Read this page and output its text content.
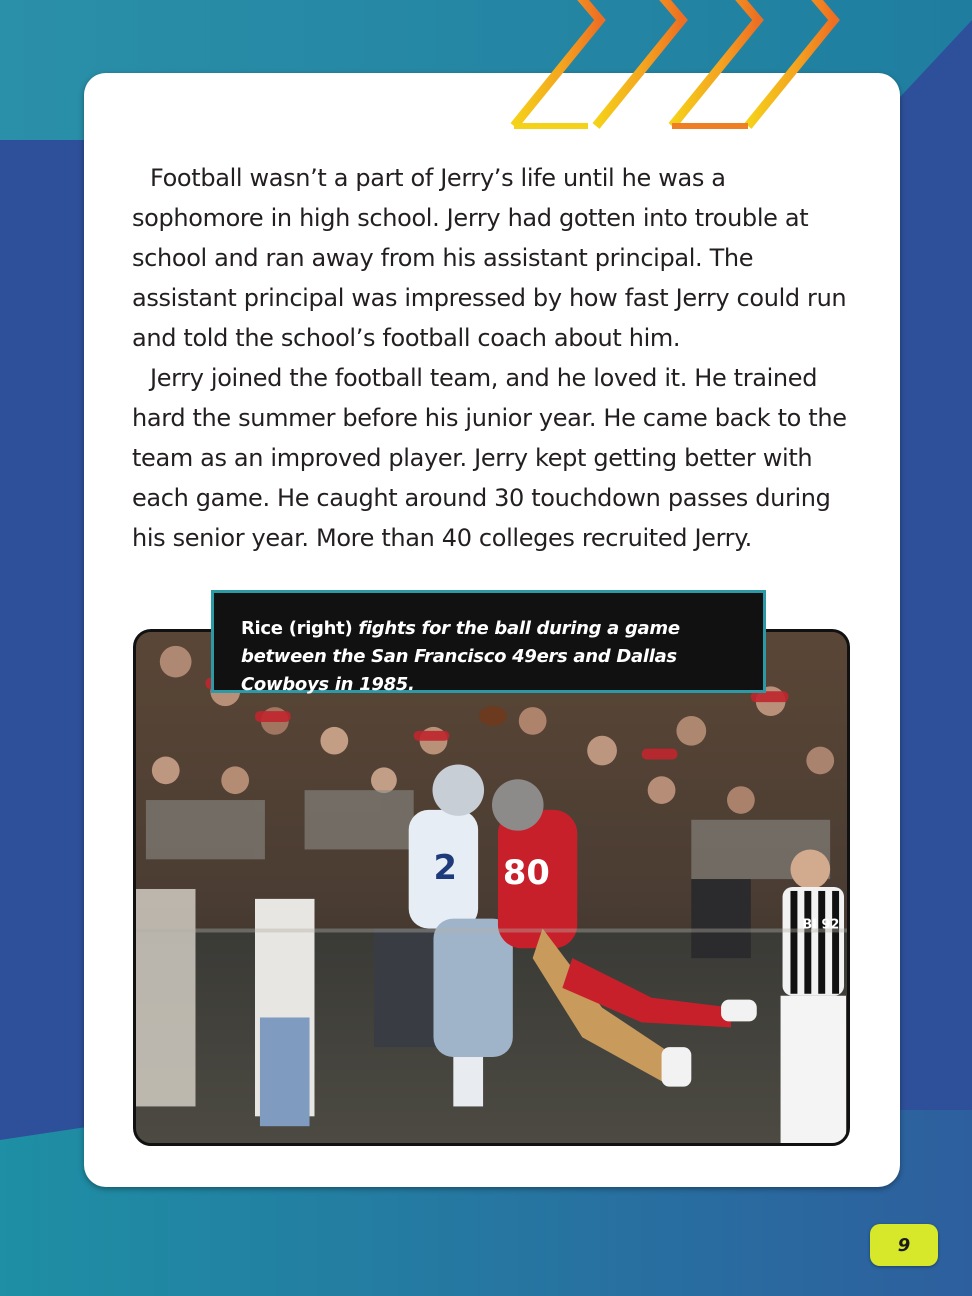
Football wasn’t a part of Jerry’s life until he was a sophomore in high school. Jerry had gotten into trouble at school and ran away from his assistant principal. The assistant principal was impressed by how fast Jerry could run and told the school’s football coach about him.

Jerry joined the football team, and he loved it. He trained hard the summer before his junior year. He came back to the team as an improved player. Jerry kept getting better with each game. He caught around 30 touchdown passes during his senior year. More than 40 colleges recruited Jerry.

2 80
BJ 92
Rice (right) fights for the ball during a game between the San Francisco 49ers and Dallas Cowboys in 1985.
9
